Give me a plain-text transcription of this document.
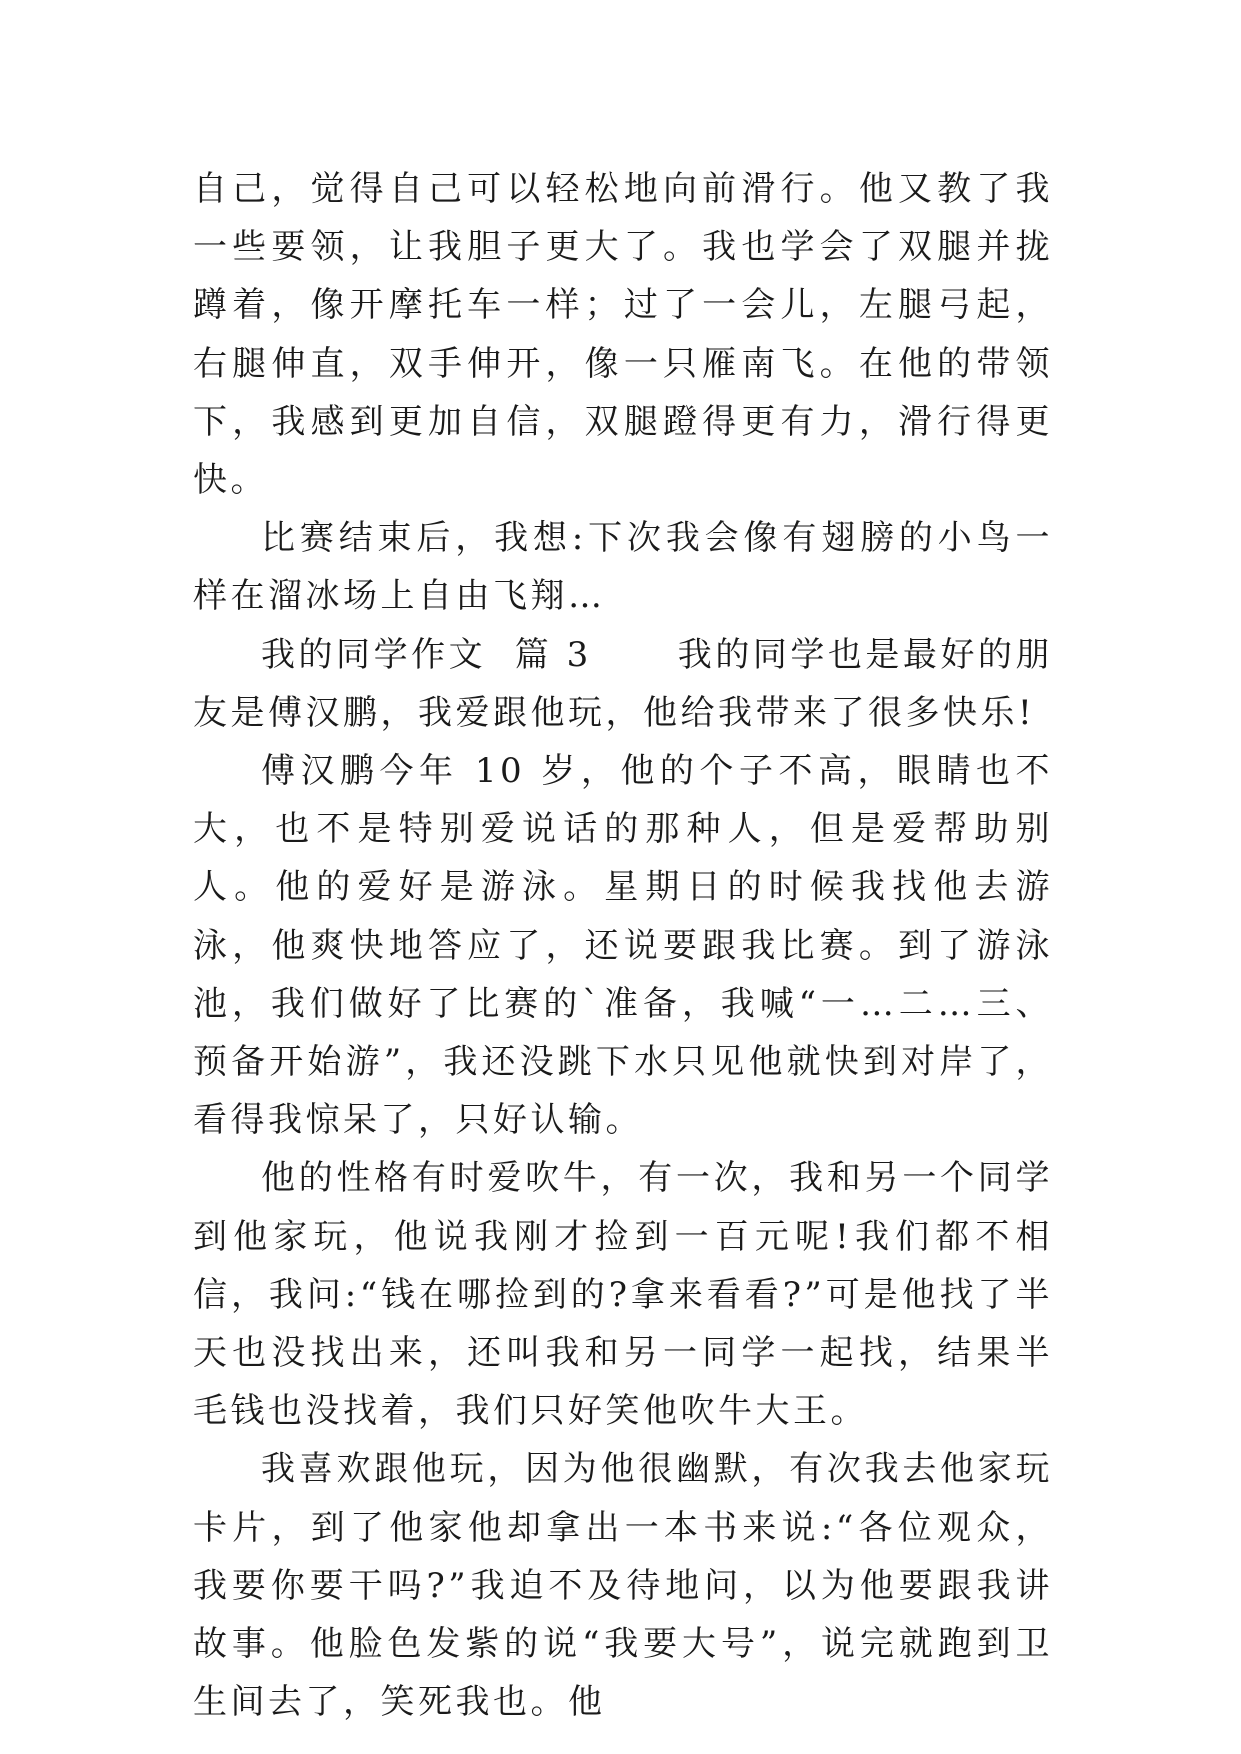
自己，觉得自己可以轻松地向前滑行。他又教了我一些要领，让我胆子更大了。我也学会了双腿并拢蹲着，像开摩托车一样；过了一会儿，左腿弓起，右腿伸直，双手伸开，像一只雁南飞。在他的带领下，我感到更加自信，双腿蹬得更有力，滑行得更快。

比赛结束后，我想:下次我会像有翅膀的小鸟一样在溜冰场上自由飞翔…

我的同学作文  篇 3	我的同学也是最好的朋友是傅汉鹏，我爱跟他玩，他给我带来了很多快乐!

傅汉鹏今年 10 岁，他的个子不高，眼睛也不大，也不是特别爱说话的那种人，但是爱帮助别人。他的爱好是游泳。星期日的时候我找他去游泳，他爽快地答应了，还说要跟我比赛。到了游泳池，我们做好了比赛的`准备，我喊“一…二…三、预备开始游”，我还没跳下水只见他就快到对岸了，看得我惊呆了，只好认输。

他的性格有时爱吹牛，有一次，我和另一个同学到他家玩，他说我刚才捡到一百元呢!我们都不相信，我问:“钱在哪捡到的?拿来看看?”可是他找了半天也没找出来，还叫我和另一同学一起找，结果半毛钱也没找着，我们只好笑他吹牛大王。

我喜欢跟他玩，因为他很幽默，有次我去他家玩卡片，到了他家他却拿出一本书来说:“各位观众，我要你要干吗?”我迫不及待地问，以为他要跟我讲故事。他脸色发紫的说“我要大号”，说完就跑到卫生间去了，笑死我也。他
